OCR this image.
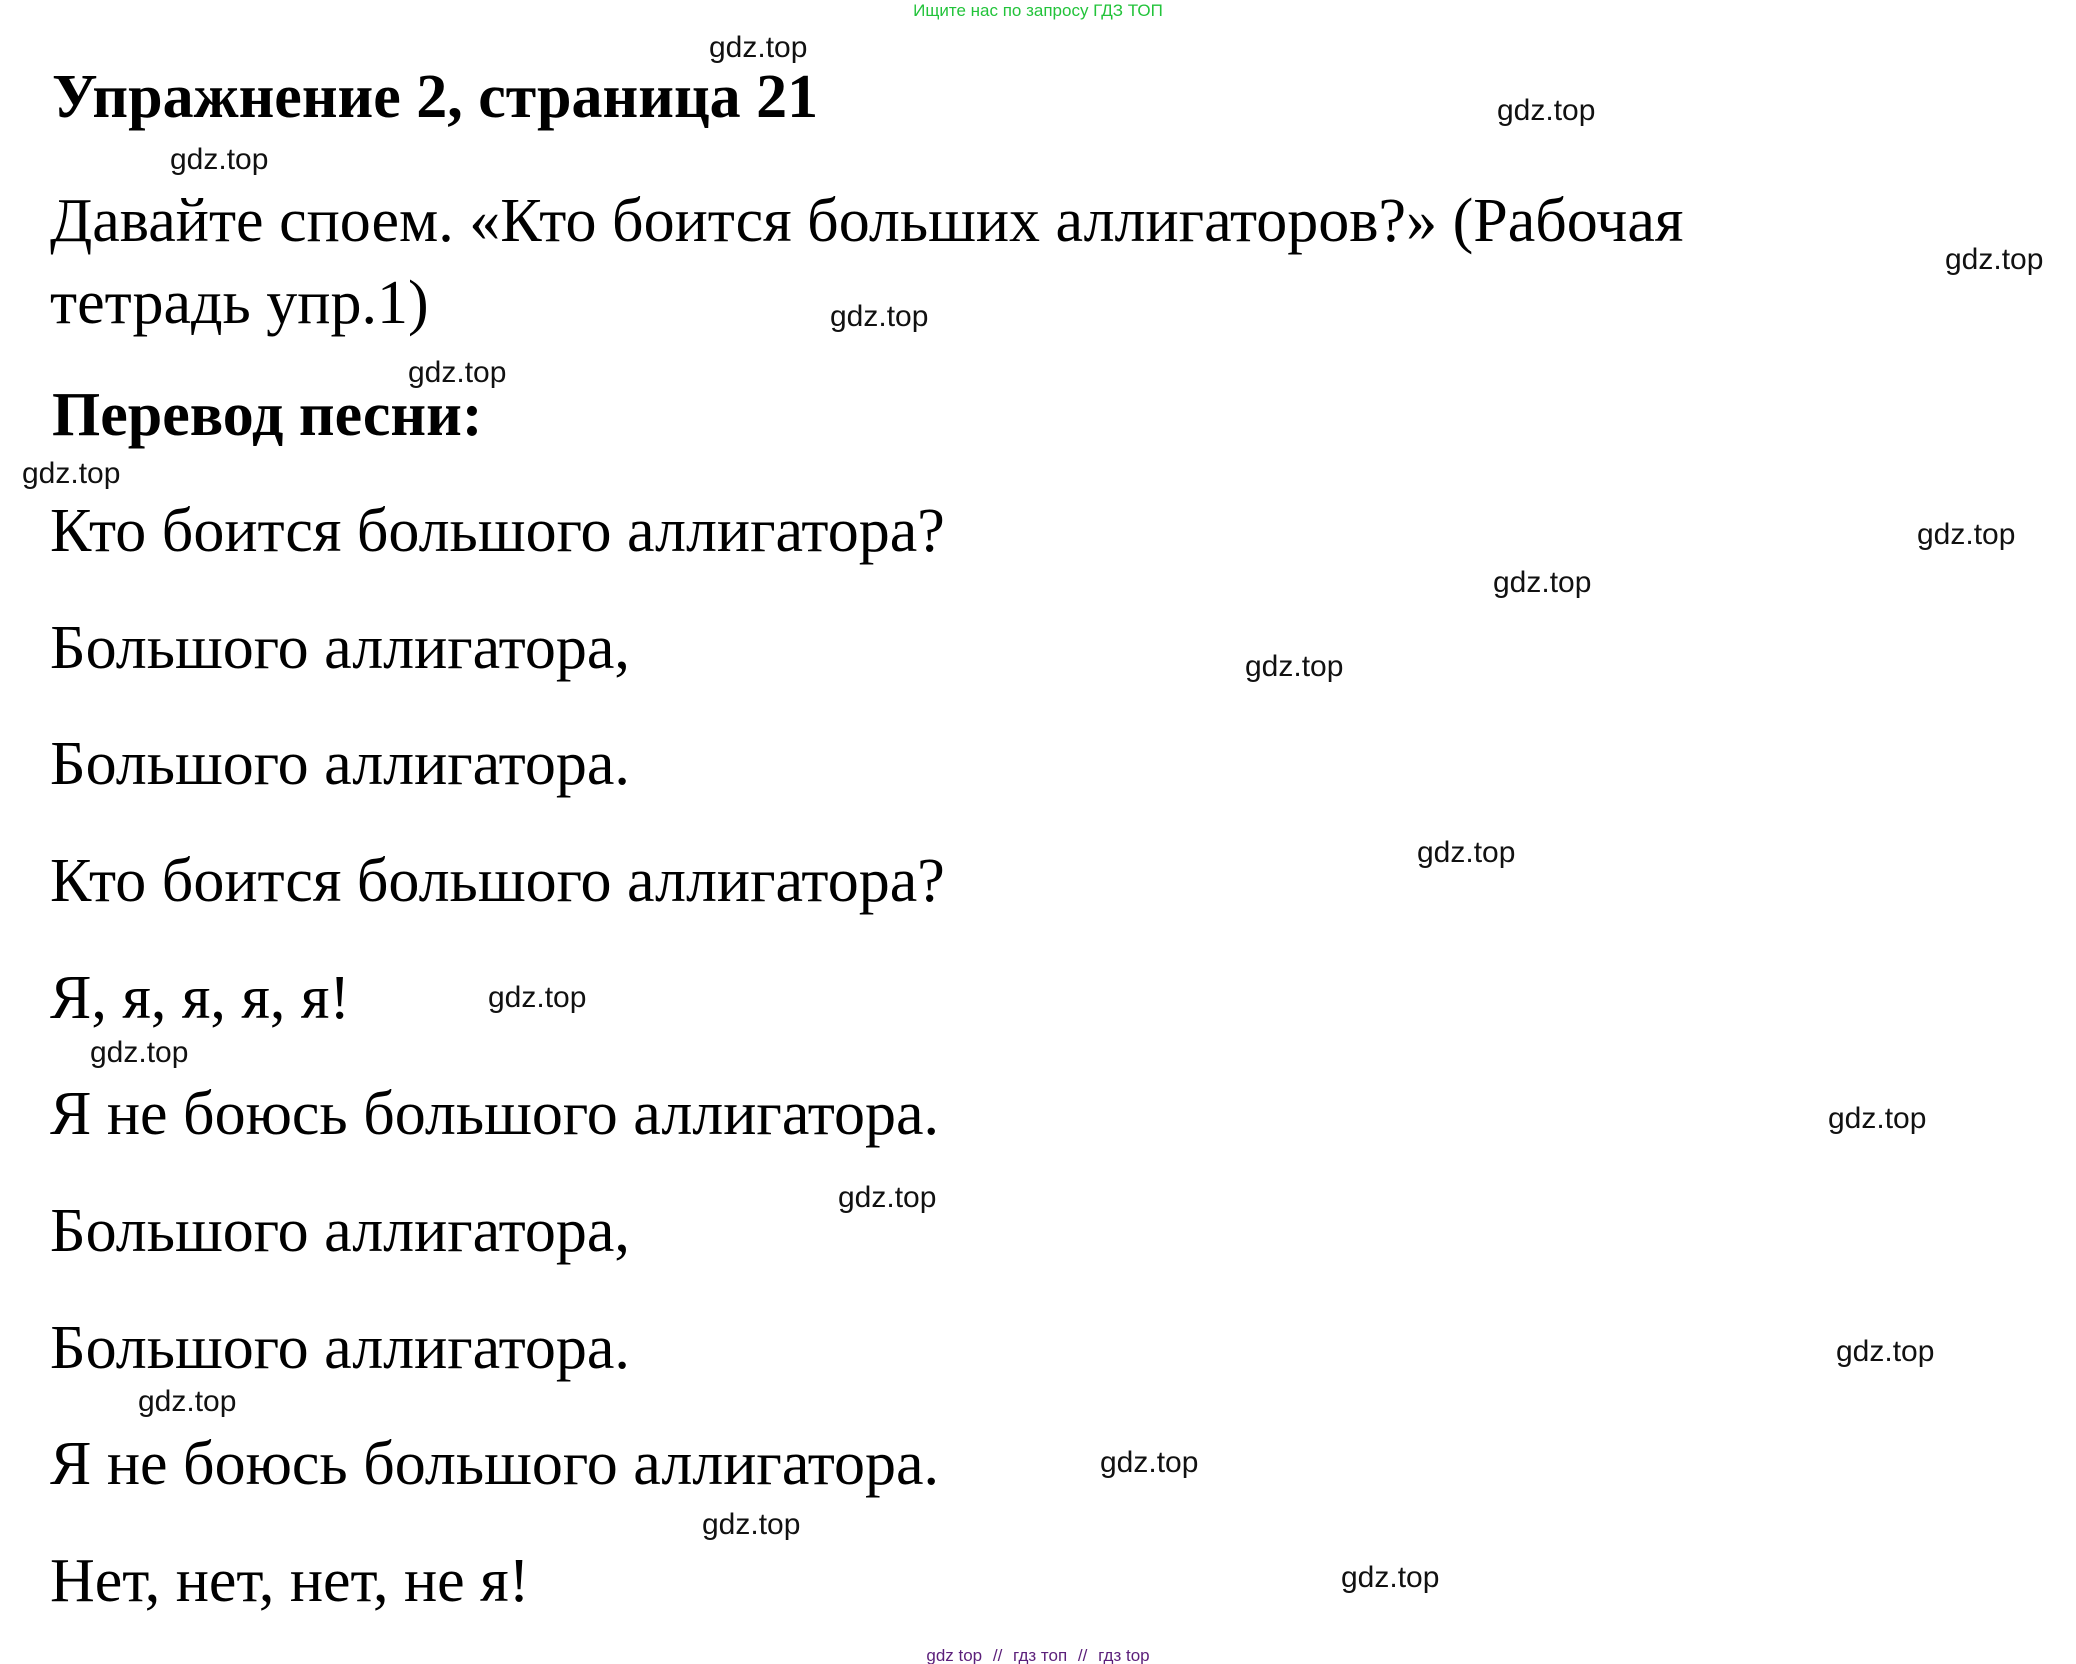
Ищите нас по запросу ГДЗ ТОП
Упражнение 2, страница 21

Давайте споем. «Кто боится больших аллигаторов?» (Рабочая тетрадь упр.1)

Перевод песни:

Кто боится большого аллигатора?

Большого аллигатора,

Большого аллигатора.

Кто боится большого аллигатора?

Я, я, я, я, я!

Я не боюсь большого аллигатора.

Большого аллигатора,

Большого аллигатора.

Я не боюсь большого аллигатора.

Нет, нет, нет, не я!

gdz.top
gdz.top
gdz.top
gdz.top
gdz.top
gdz.top
gdz.top
gdz.top
gdz.top
gdz.top
gdz.top
gdz.top
gdz.top
gdz.top
gdz.top
gdz.top
gdz.top
gdz.top
gdz.top
gdz.top
gdz top // гдз топ // гдз top
